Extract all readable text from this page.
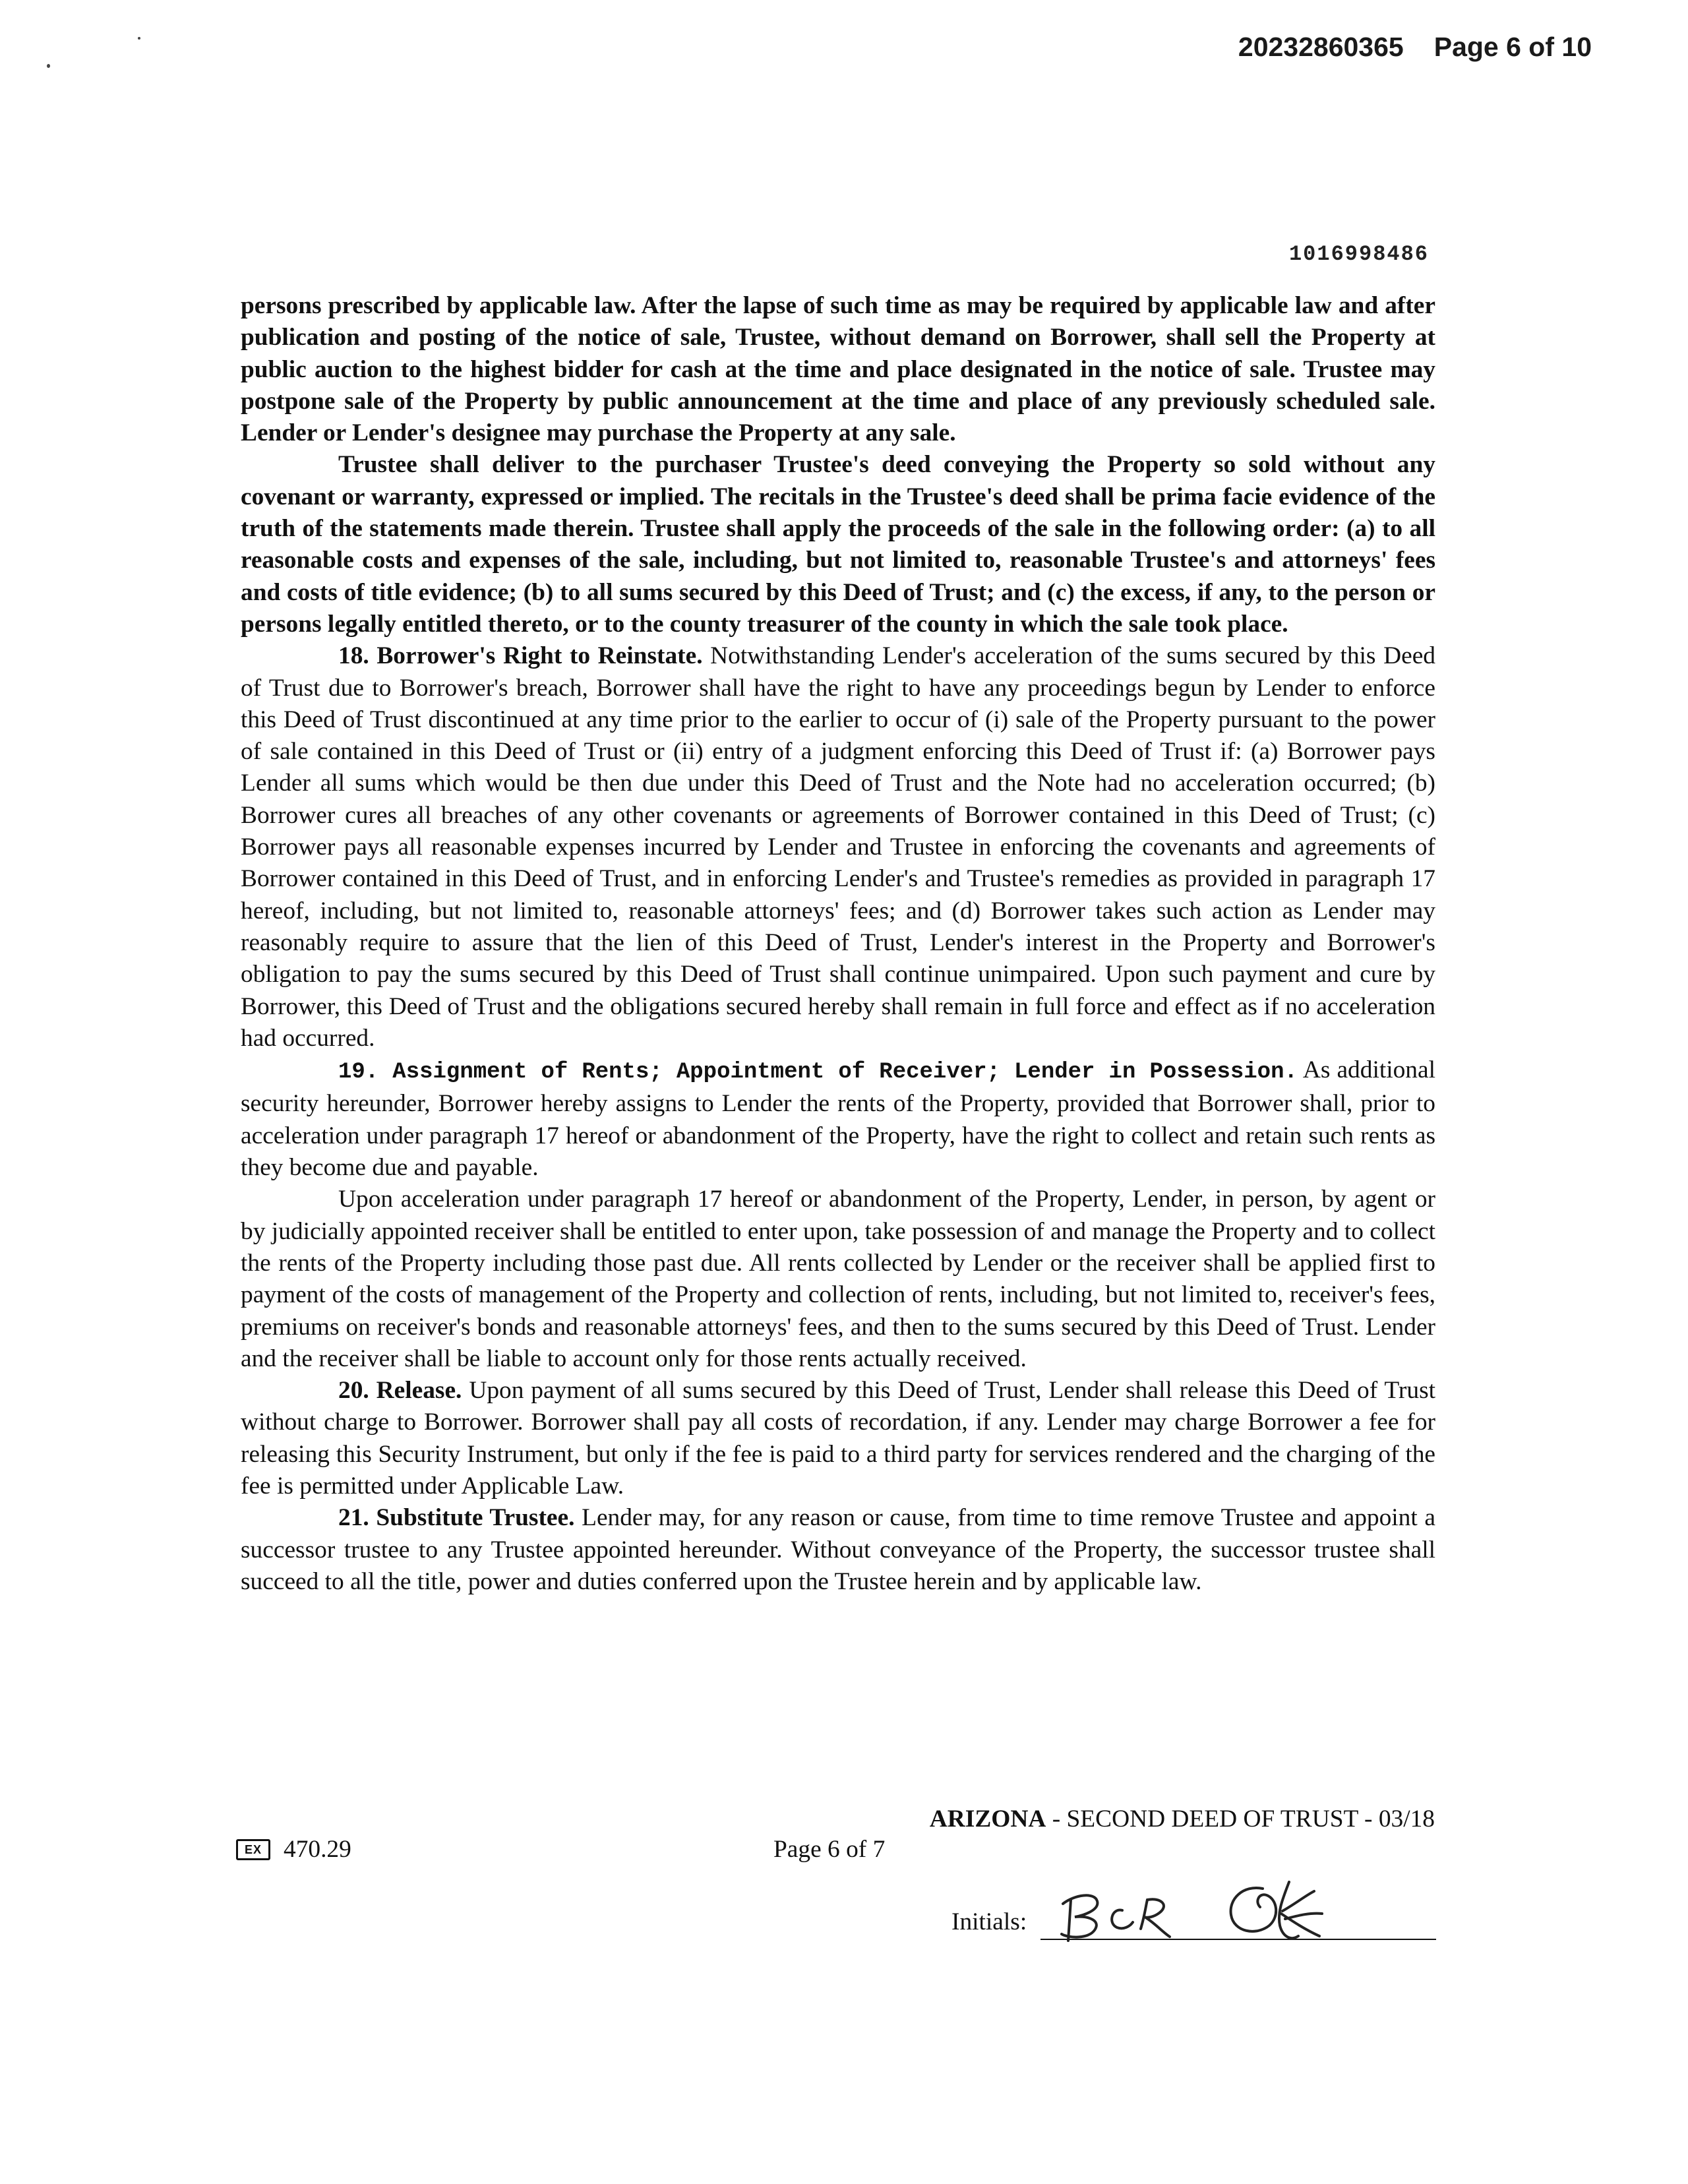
20232860365 Page 6 of 10
1016998486

persons prescribed by applicable law. After the lapse of such time as may be required by applicable law and after publication and posting of the notice of sale, Trustee, without demand on Borrower, shall sell the Property at public auction to the highest bidder for cash at the time and place designated in the notice of sale. Trustee may postpone sale of the Property by public announcement at the time and place of any previously scheduled sale. Lender or Lender's designee may purchase the Property at any sale.

Trustee shall deliver to the purchaser Trustee's deed conveying the Property so sold without any covenant or warranty, expressed or implied. The recitals in the Trustee's deed shall be prima facie evidence of the truth of the statements made therein. Trustee shall apply the proceeds of the sale in the following order: (a) to all reasonable costs and expenses of the sale, including, but not limited to, reasonable Trustee's and attorneys' fees and costs of title evidence; (b) to all sums secured by this Deed of Trust; and (c) the excess, if any, to the person or persons legally entitled thereto, or to the county treasurer of the county in which the sale took place.

18. Borrower's Right to Reinstate. Notwithstanding Lender's acceleration of the sums secured by this Deed of Trust due to Borrower's breach, Borrower shall have the right to have any proceedings begun by Lender to enforce this Deed of Trust discontinued at any time prior to the earlier to occur of (i) sale of the Property pursuant to the power of sale contained in this Deed of Trust or (ii) entry of a judgment enforcing this Deed of Trust if: (a) Borrower pays Lender all sums which would be then due under this Deed of Trust and the Note had no acceleration occurred; (b) Borrower cures all breaches of any other covenants or agreements of Borrower contained in this Deed of Trust; (c) Borrower pays all reasonable expenses incurred by Lender and Trustee in enforcing the covenants and agreements of Borrower contained in this Deed of Trust, and in enforcing Lender's and Trustee's remedies as provided in paragraph 17 hereof, including, but not limited to, reasonable attorneys' fees; and (d) Borrower takes such action as Lender may reasonably require to assure that the lien of this Deed of Trust, Lender's interest in the Property and Borrower's obligation to pay the sums secured by this Deed of Trust shall continue unimpaired. Upon such payment and cure by Borrower, this Deed of Trust and the obligations secured hereby shall remain in full force and effect as if no acceleration had occurred.

19. Assignment of Rents; Appointment of Receiver; Lender in Possession. As additional security hereunder, Borrower hereby assigns to Lender the rents of the Property, provided that Borrower shall, prior to acceleration under paragraph 17 hereof or abandonment of the Property, have the right to collect and retain such rents as they become due and payable.

Upon acceleration under paragraph 17 hereof or abandonment of the Property, Lender, in person, by agent or by judicially appointed receiver shall be entitled to enter upon, take possession of and manage the Property and to collect the rents of the Property including those past due. All rents collected by Lender or the receiver shall be applied first to payment of the costs of management of the Property and collection of rents, including, but not limited to, receiver's fees, premiums on receiver's bonds and reasonable attorneys' fees, and then to the sums secured by this Deed of Trust. Lender and the receiver shall be liable to account only for those rents actually received.

20. Release. Upon payment of all sums secured by this Deed of Trust, Lender shall release this Deed of Trust without charge to Borrower. Borrower shall pay all costs of recordation, if any. Lender may charge Borrower a fee for releasing this Security Instrument, but only if the fee is paid to a third party for services rendered and the charging of the fee is permitted under Applicable Law.

21. Substitute Trustee. Lender may, for any reason or cause, from time to time remove Trustee and appoint a successor trustee to any Trustee appointed hereunder. Without conveyance of the Property, the successor trustee shall succeed to all the title, power and duties conferred upon the Trustee herein and by applicable law.

ARIZONA - SECOND DEED OF TRUST - 03/18
EX 470.29	Page 6 of 7
Initials:
